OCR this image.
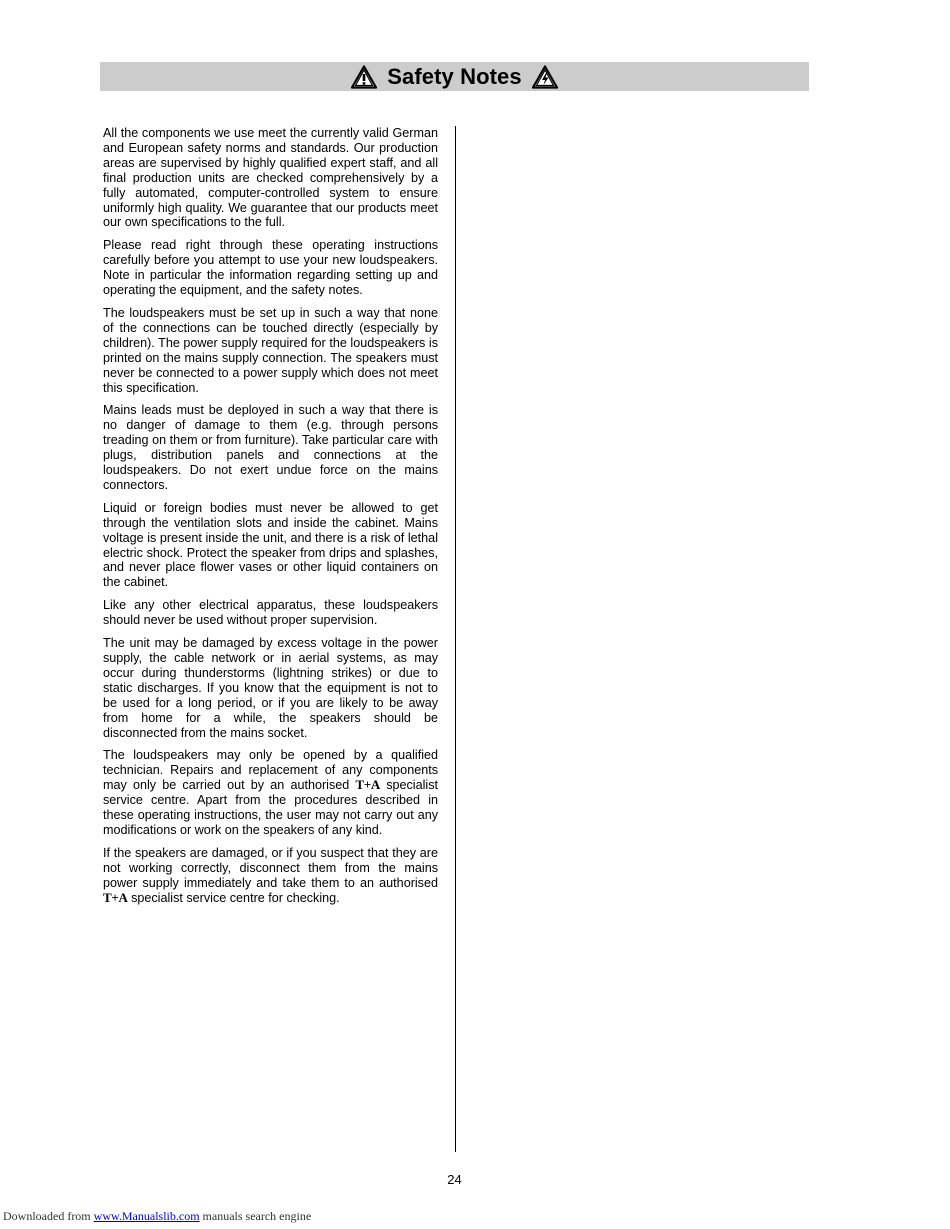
Safety Notes

All the components we use meet the currently valid German and European safety norms and standards. Our production areas are supervised by highly qualified expert staff, and all final production units are checked comprehensively by a fully automated, computer-controlled system to ensure uniformly high quality. We guarantee that our products meet our own specifications to the full.

Please read right through these operating instructions carefully before you attempt to use your new loudspeakers. Note in particular the information regarding setting up and operating the equipment, and the safety notes.

The loudspeakers must be set up in such a way that none of the connections can be touched directly (especially by children). The power supply required for the loudspeakers is printed on the mains supply connection. The speakers must never be connected to a power supply which does not meet this specification.

Mains leads must be deployed in such a way that there is no danger of damage to them (e.g. through persons treading on them or from furniture). Take particular care with plugs, distribution panels and connections at the loudspeakers. Do not exert undue force on the mains connectors.

Liquid or foreign bodies must never be allowed to get through the ventilation slots and inside the cabinet. Mains voltage is present inside the unit, and there is a risk of lethal electric shock. Protect the speaker from drips and splashes, and never place flower vases or other liquid containers on the cabinet.

Like any other electrical apparatus, these loudspeakers should never be used without proper supervision.

The unit may be damaged by excess voltage in the power supply, the cable network or in aerial systems, as may occur during thunderstorms (lightning strikes) or due to static discharges. If you know that the equipment is not to be used for a long period, or if you are likely to be away from home for a while, the speakers should be disconnected from the mains socket.

The loudspeakers may only be opened by a qualified technician. Repairs and replacement of any components may only be carried out by an authorised T+A specialist service centre. Apart from the procedures described in these operating instructions, the user may not carry out any modifications or work on the speakers of any kind.

If the speakers are damaged, or if you suspect that they are not working correctly, disconnect them from the mains power supply immediately and take them to an authorised T+A specialist service centre for checking.

24
Downloaded from www.Manualslib.com manuals search engine
